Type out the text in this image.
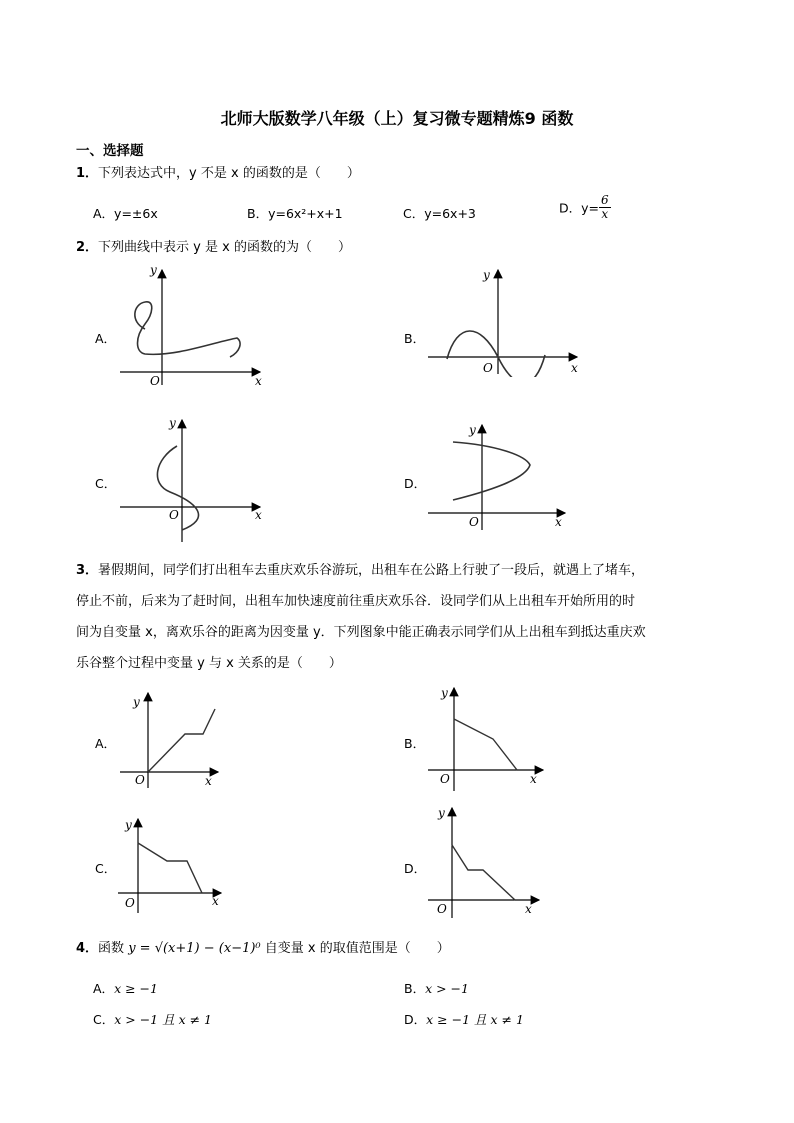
北师大版数学八年级（上）复习微专题精炼9 函数
一、选择题
1．下列表达式中，y 不是 x 的函数的是（　　）
A．y=±6x	B．y=6x²+x+1	C．y=6x+3	D．$y= \frac{6}{x}$
2．下列曲线中表示 y 是 x 的函数的为（　　）
A．
O	x
y
B．
O	x
y
C．
O	x
y
D．
O	x
y
3．暑假期间，同学们打出租车去重庆欢乐谷游玩，出租车在公路上行驶了一段后，就遇上了堵车，
停止不前，后来为了赶时间，出租车加快速度前往重庆欢乐谷．设同学们从上出租车开始所用的时
间为自变量 x，离欢乐谷的距离为因变量 y．下列图象中能正确表示同学们从上出租车到抵达重庆欢
乐谷整个过程中变量 y 与 x 关系的是（　　）
A．
O	x
y
B．
O	x
y
C．
O	x
y
D．
O	x
y
4．函数 y = √(x+1) − (x−1)⁰ 自变量 x 的取值范围是（　　）
A．x ≥ −1	B．x > −1
C．x > −1 且 x ≠ 1	D．x ≥ −1 且 x ≠ 1
